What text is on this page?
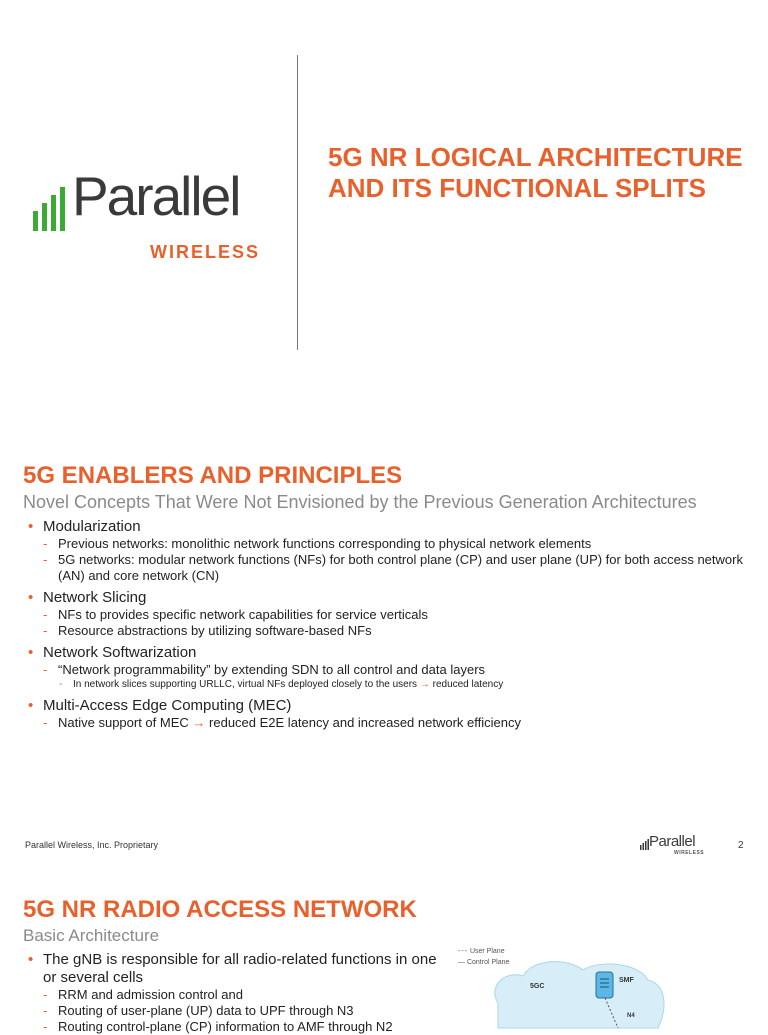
Parallel
WIRELESS
5G NR LOGICAL ARCHITECTURE AND ITS FUNCTIONAL SPLITS
5G ENABLERS AND PRINCIPLES
Novel Concepts That Were Not Envisioned by the Previous Generation Architectures
• Modularization
- Previous networks: monolithic network functions corresponding to physical network elements
- 5G networks: modular network functions (NFs) for both control plane (CP) and user plane (UP) for both access network (AN) and core network (CN)
• Network Slicing
- NFs to provides specific network capabilities for service verticals
- Resource abstractions by utilizing software-based NFs
• Network Softwarization
- “Network programmability” by extending SDN to all control and data layers
- In network slices supporting URLLC, virtual NFs deployed closely to the users → reduced latency
• Multi-Access Edge Computing (MEC)
- Native support of MEC → reduced E2E latency and increased network efficiency
Parallel Wireless, Inc. Proprietary	Parallel
WIRELESS
2
5G NR RADIO ACCESS NETWORK
Basic Architecture
• The gNB is responsible for all radio-related functions in one or several cells
- RRM and admission control and
- Routing of user-plane (UP) data to UPF through N3
- Routing control-plane (CP) information to AMF through N2
--- User Plane
— Control Plane
5GC
SMF
N4
